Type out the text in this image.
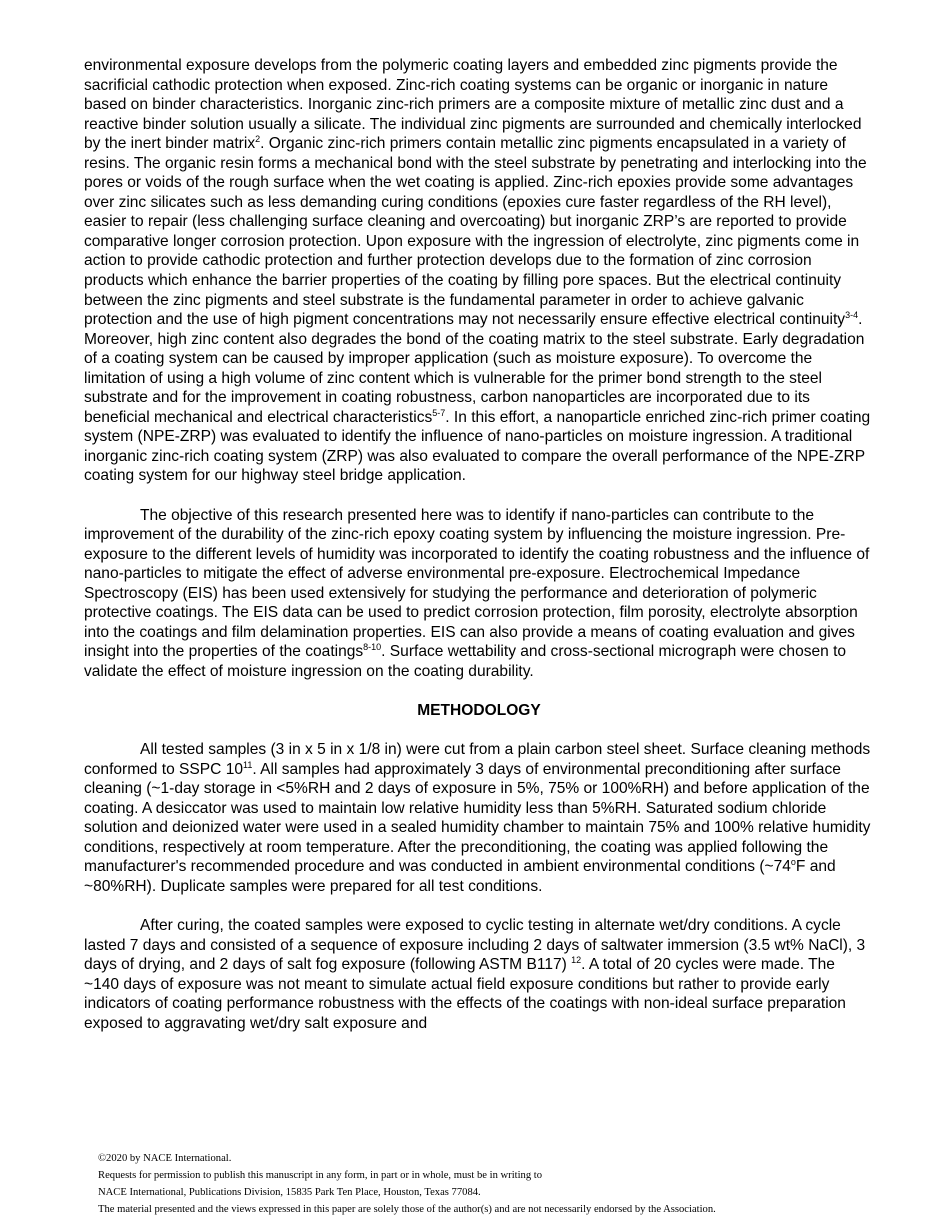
environmental exposure develops from the polymeric coating layers and embedded zinc pigments provide the sacrificial cathodic protection when exposed. Zinc-rich coating systems can be organic or inorganic in nature based on binder characteristics. Inorganic zinc-rich primers are a composite mixture of metallic zinc dust and a reactive binder solution usually a silicate. The individual zinc pigments are surrounded and chemically interlocked by the inert binder matrix$^2$. Organic zinc-rich primers contain metallic zinc pigments encapsulated in a variety of resins. The organic resin forms a mechanical bond with the steel substrate by penetrating and interlocking into the pores or voids of the rough surface when the wet coating is applied. Zinc-rich epoxies provide some advantages over zinc silicates such as less demanding curing conditions (epoxies cure faster regardless of the RH level), easier to repair (less challenging surface cleaning and overcoating) but inorganic ZRP’s are reported to provide comparative longer corrosion protection. Upon exposure with the ingression of electrolyte, zinc pigments come in action to provide cathodic protection and further protection develops due to the formation of zinc corrosion products which enhance the barrier properties of the coating by filling pore spaces. But the electrical continuity between the zinc pigments and steel substrate is the fundamental parameter in order to achieve galvanic protection and the use of high pigment concentrations may not necessarily ensure effective electrical continuity$^{3-4}$. Moreover, high zinc content also degrades the bond of the coating matrix to the steel substrate. Early degradation of a coating system can be caused by improper application (such as moisture exposure). To overcome the limitation of using a high volume of zinc content which is vulnerable for the primer bond strength to the steel substrate and for the improvement in coating robustness, carbon nanoparticles are incorporated due to its beneficial mechanical and electrical characteristics$^{5-7}$. In this effort, a nanoparticle enriched zinc-rich primer coating system (NPE-ZRP) was evaluated to identify the influence of nano-particles on moisture ingression. A traditional inorganic zinc-rich coating system (ZRP) was also evaluated to compare the overall performance of the NPE-ZRP coating system for our highway steel bridge application.

The objective of this research presented here was to identify if nano-particles can contribute to the improvement of the durability of the zinc-rich epoxy coating system by influencing the moisture ingression. Pre-exposure to the different levels of humidity was incorporated to identify the coating robustness and the influence of nano-particles to mitigate the effect of adverse environmental pre-exposure. Electrochemical Impedance Spectroscopy (EIS) has been used extensively for studying the performance and deterioration of polymeric protective coatings. The EIS data can be used to predict corrosion protection, film porosity, electrolyte absorption into the coatings and film delamination properties. EIS can also provide a means of coating evaluation and gives insight into the properties of the coatings$^{8-10}$. Surface wettability and cross-sectional micrograph were chosen to validate the effect of moisture ingression on the coating durability.

METHODOLOGY

All tested samples (3 in x 5 in x 1/8 in) were cut from a plain carbon steel sheet. Surface cleaning methods conformed to SSPC $10^{11}$. All samples had approximately 3 days of environmental preconditioning after surface cleaning (~1-day storage in <5%RH and 2 days of exposure in 5%, 75% or 100%RH) and before application of the coating. A desiccator was used to maintain low relative humidity less than 5%RH. Saturated sodium chloride solution and deionized water were used in a sealed humidity chamber to maintain 75% and 100% relative humidity conditions, respectively at room temperature. After the preconditioning, the coating was applied following the manufacturer's recommended procedure and was conducted in ambient environmental conditions (~74$^o$F and ~80%RH). Duplicate samples were prepared for all test conditions.

After curing, the coated samples were exposed to cyclic testing in alternate wet/dry conditions. A cycle lasted 7 days and consisted of a sequence of exposure including 2 days of saltwater immersion (3.5 wt% NaCl), 3 days of drying, and 2 days of salt fog exposure (following ASTM B117) $^{12}$. A total of 20 cycles were made. The ~140 days of exposure was not meant to simulate actual field exposure conditions but rather to provide early indicators of coating performance robustness with the effects of the coatings with non-ideal surface preparation exposed to aggravating wet/dry salt exposure and

©2020 by NACE International.
Requests for permission to publish this manuscript in any form, in part or in whole, must be in writing to
NACE International, Publications Division, 15835 Park Ten Place, Houston, Texas 77084.
The material presented and the views expressed in this paper are solely those of the author(s) and are not necessarily endorsed by the Association.
